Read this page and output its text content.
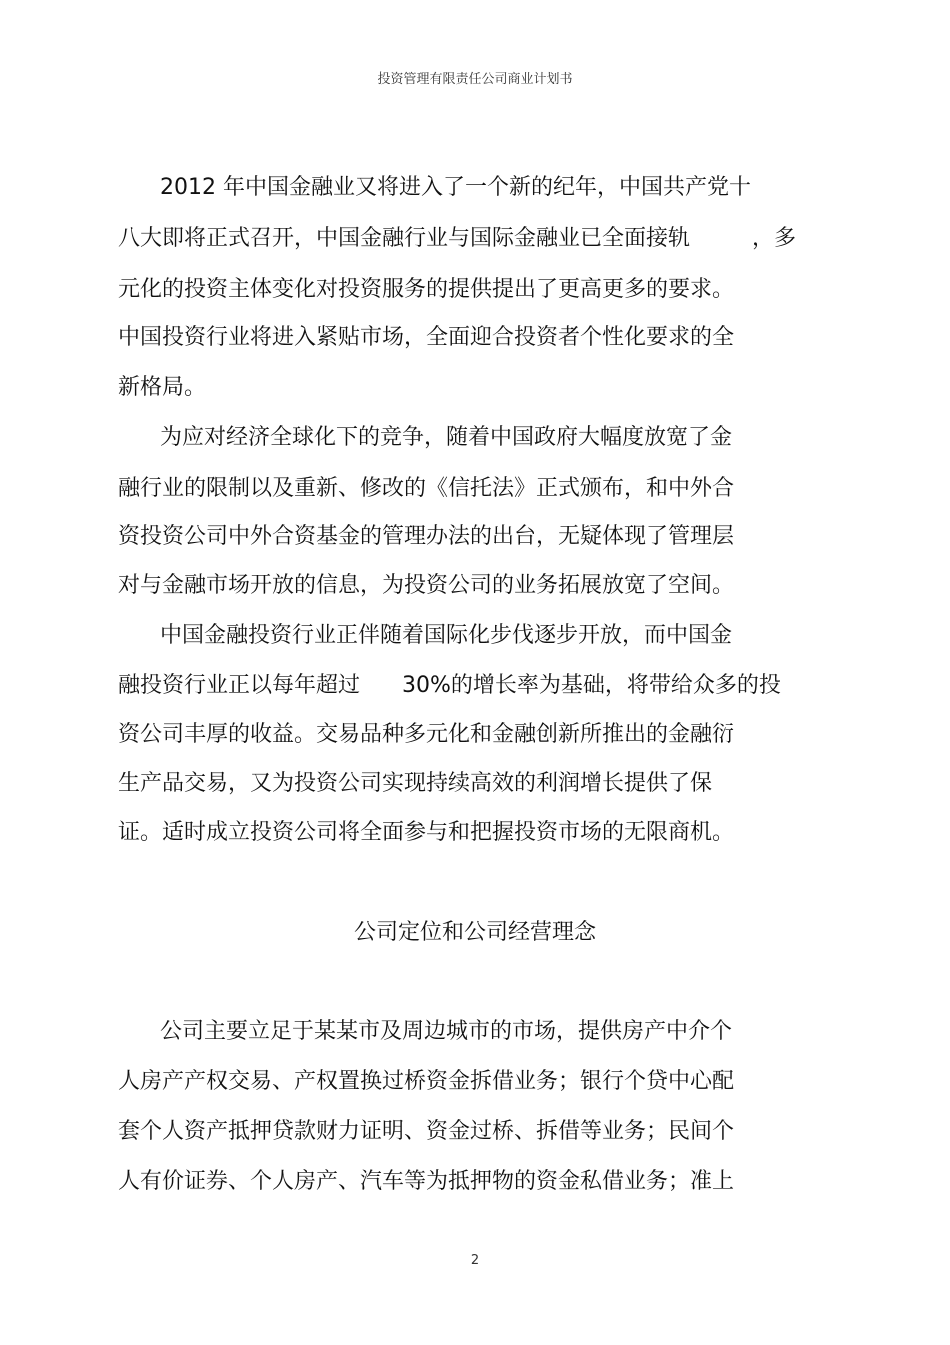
投资管理有限责任公司商业计划书
2012 年中国金融业又将进入了一个新的纪年，中国共产党十
八大即将正式召开，中国金融行业与国际金融业已全面接轨	，多
元化的投资主体变化对投资服务的提供提出了更高更多的要求。
中国投资行业将进入紧贴市场，全面迎合投资者个性化要求的全
新格局。
为应对经济全球化下的竞争，随着中国政府大幅度放宽了金
融行业的限制以及重新、修改的《信托法》正式颁布，和中外合
资投资公司中外合资基金的管理办法的出台，无疑体现了管理层
对与金融市场开放的信息，为投资公司的业务拓展放宽了空间。
中国金融投资行业正伴随着国际化步伐逐步开放，而中国金
融投资行业正以每年超过 30%的增长率为基础，将带给众多的投
资公司丰厚的收益。交易品种多元化和金融创新所推出的金融衍
生产品交易，又为投资公司实现持续高效的利润增长提供了保
证。适时成立投资公司将全面参与和把握投资市场的无限商机。
公司定位和公司经营理念
公司主要立足于某某市及周边城市的市场，提供房产中介个
人房产产权交易、产权置换过桥资金拆借业务；银行个贷中心配
套个人资产抵押贷款财力证明、资金过桥、拆借等业务；民间个
人有价证券、个人房产、汽车等为抵押物的资金私借业务；准上
2
